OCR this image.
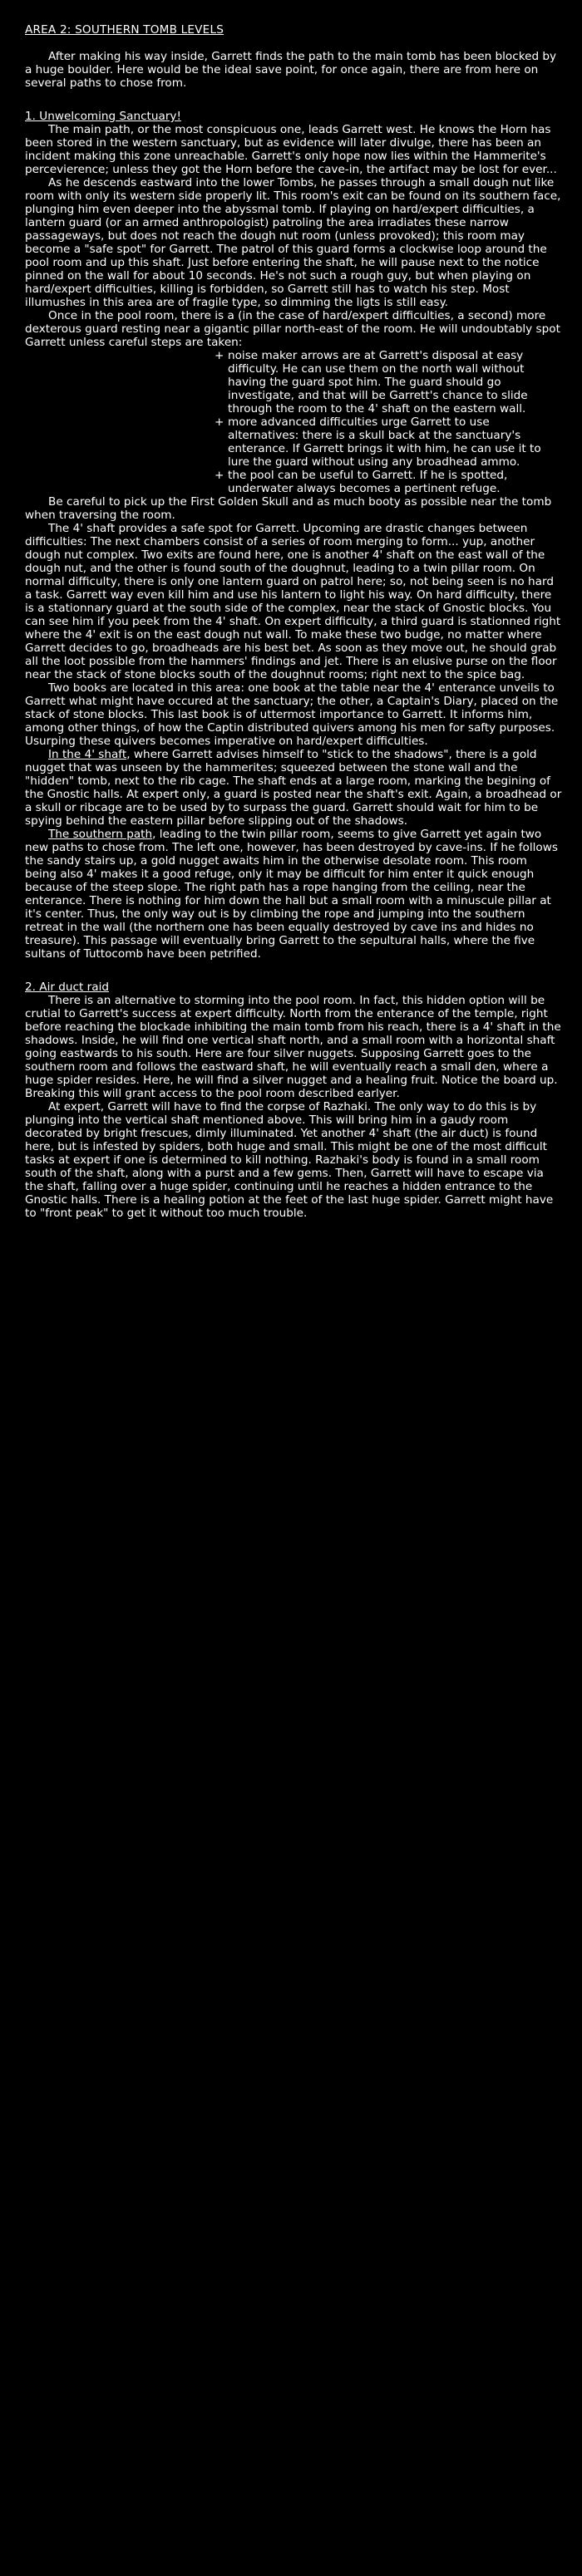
AREA 2: SOUTHERN TOMB LEVELS

After making his way inside, Garrett finds the path to the main tomb has been blocked by a huge boulder. Here would be the ideal save point, for once again, there are from here on several paths to chose from.

1. Unwelcoming Sanctuary!

The main path, or the most conspicuous one, leads Garrett west. He knows the Horn has been stored in the western sanctuary, but as evidence will later divulge, there has been an incident making this zone unreachable. Garrett's only hope now lies within the Hammerite's percevierence; unless they got the Horn before the cave-in, the artifact may be lost for ever...

As he descends eastward into the lower Tombs, he passes through a small dough nut like room with only its western side properly lit. This room's exit can be found on its southern face, plunging him even deeper into the abyssmal tomb. If playing on hard/expert difficulties, a lantern guard (or an armed anthropologist) patroling the area irradiates these narrow passageways, but does not reach the dough nut room (unless provoked); this room may become a "safe spot" for Garrett. The patrol of this guard forms a clockwise loop around the pool room and up this shaft. Just before entering the shaft, he will pause next to the notice pinned on the wall for about 10 seconds. He's not such a rough guy, but when playing on hard/expert difficulties, killing is forbidden, so Garrett still has to watch his step. Most illumushes in this area are of fragile type, so dimming the ligts is still easy.

Once in the pool room, there is a (in the case of hard/expert difficulties, a second) more dexterous guard resting near a gigantic pillar north-east of the room. He will undoubtably spot Garrett unless careful steps are taken:

+ noise maker arrows are at Garrett's disposal at easy difficulty. He can use them on the north wall without having the guard spot him. The guard should go investigate, and that will be Garrett's chance to slide through the room to the 4' shaft on the eastern wall.
+ more advanced difficulties urge Garrett to use alternatives: there is a skull back at the sanctuary's enterance. If Garrett brings it with him, he can use it to lure the guard without using any broadhead ammo.
+ the pool can be useful to Garrett. If he is spotted, underwater always becomes a pertinent refuge.

Be careful to pick up the First Golden Skull and as much booty as possible near the tomb when traversing the room.

The 4' shaft provides a safe spot for Garrett. Upcoming are drastic changes between difficulties: The next chambers consist of a series of room merging to form... yup, another dough nut complex. Two exits are found here, one is another 4' shaft on the east wall of the dough nut, and the other is found south of the doughnut, leading to a twin pillar room. On normal difficulty, there is only one lantern guard on patrol here; so, not being seen is no hard a task. Garrett way even kill him and use his lantern to light his way. On hard difficulty, there is a stationnary guard at the south side of the complex, near the stack of Gnostic blocks. You can see him if you peek from the 4' shaft. On expert difficulty, a third guard is stationned right where the 4' exit is on the east dough nut wall. To make these two budge, no matter where Garrett decides to go, broadheads are his best bet. As soon as they move out, he should grab all the loot possible from the hammers' findings and jet. There is an elusive purse on the floor near the stack of stone blocks south of the doughnut rooms; right next to the spice bag.

Two books are located in this area: one book at the table near the 4' enterance unveils to Garrett what might have occured at the sanctuary; the other, a Captain's Diary, placed on the stack of stone blocks. This last book is of uttermost importance to Garrett. It informs him, among other things, of how the Captin distributed quivers among his men for safty purposes. Usurping these quivers becomes imperative on hard/expert difficulties.

In the 4' shaft, where Garrett advises himself to "stick to the shadows", there is a gold nugget that was unseen by the hammerites; squeezed between the stone wall and the "hidden" tomb, next to the rib cage. The shaft ends at a large room, marking the begining of the Gnostic halls. At expert only, a guard is posted near the shaft's exit. Again, a broadhead or a skull or ribcage are to be used by to surpass the guard. Garrett should wait for him to be spying behind the eastern pillar before slipping out of the shadows.

The southern path, leading to the twin pillar room, seems to give Garrett yet again two new paths to chose from. The left one, however, has been destroyed by cave-ins. If he follows the sandy stairs up, a gold nugget awaits him in the otherwise desolate room. This room being also 4' makes it a good refuge, only it may be difficult for him enter it quick enough because of the steep slope. The right path has a rope hanging from the ceiling, near the enterance. There is nothing for him down the hall but a small room with a minuscule pillar at it's center. Thus, the only way out is by climbing the rope and jumping into the southern retreat in the wall (the northern one has been equally destroyed by cave ins and hides no treasure). This passage will eventually bring Garrett to the sepultural halls, where the five sultans of Tuttocomb have been petrified.

2. Air duct raid

There is an alternative to storming into the pool room. In fact, this hidden option will be crutial to Garrett's success at expert difficulty. North from the enterance of the temple, right before reaching the blockade inhibiting the main tomb from his reach, there is a 4' shaft in the shadows. Inside, he will find one vertical shaft north, and a small room with a horizontal shaft going eastwards to his south. Here are four silver nuggets. Supposing Garrett goes to the southern room and follows the eastward shaft, he will eventually reach a small den, where a huge spider resides. Here, he will find a silver nugget and a healing fruit. Notice the board up. Breaking this will grant access to the pool room described earlyer.

At expert, Garrett will have to find the corpse of Razhaki. The only way to do this is by plunging into the vertical shaft mentioned above. This will bring him in a gaudy room decorated by bright frescues, dimly illuminated. Yet another 4' shaft (the air duct) is found here, but is infested by spiders, both huge and small. This might be one of the most difficult tasks at expert if one is determined to kill nothing. Razhaki's body is found in a small room south of the shaft, along with a purst and a few gems. Then, Garrett will have to escape via the shaft, falling over a huge spider, continuing until he reaches a hidden entrance to the Gnostic halls. There is a healing potion at the feet of the last huge spider. Garrett might have to "front peak" to get it without too much trouble.
